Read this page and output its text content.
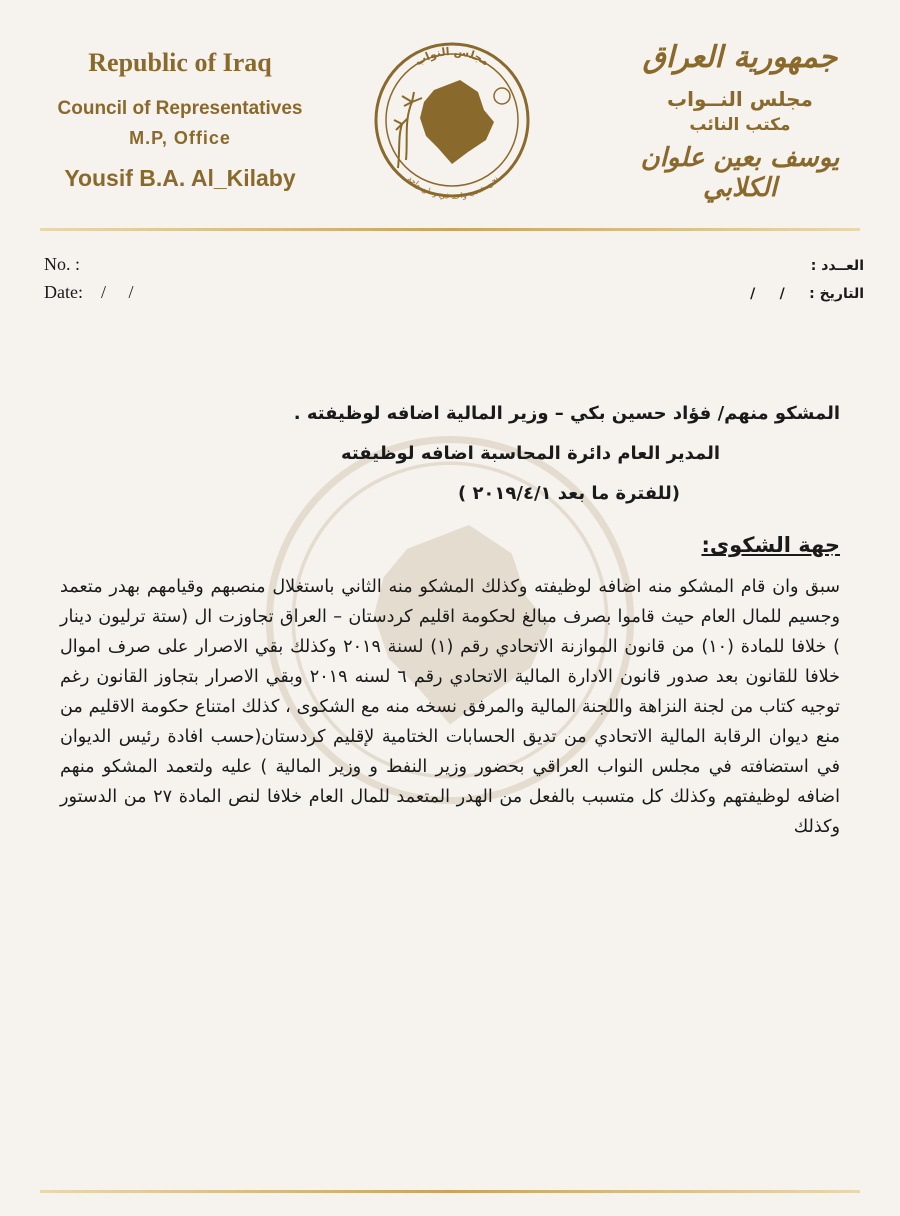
Republic of Iraq
Council of Representatives
M.P, Office
Yousif B.A. Al_Kilaby
مجلس النواب
نحن شعب واحد في وطن واحد
جمهورية العراق
مجلس النــواب
مكتب النائب
يوسف بعين علوان الكلابي
No. :
Date:    /     /
العــدد :
التاريخ :     /     /

المشكو منهم/ فؤاد حسين بكي – وزير المالية اضافه لوظيفته .

المدير العام دائرة المحاسبة اضافه لوظيفته

(للفترة ما بعد ٢٠١٩/٤/١ )

جهة الشكوى:

سبق وان قام المشكو منه اضافه لوظيفته وكذلك المشكو منه الثاني باستغلال منصبهم وقيامهم بهدر متعمد وجسيم للمال العام حيث قاموا بصرف مبالغ لحكومة اقليم كردستان – العراق تجاوزت ال (ستة ترليون دينار ) خلافا للمادة (١٠) من قانون الموازنة الاتحادي رقم (١) لسنة ٢٠١٩ وكذلك بقي الاصرار على صرف اموال خلافا للقانون بعد صدور قانون الادارة المالية الاتحادي رقم ٦ لسنه ٢٠١٩ وبقي الاصرار بتجاوز القانون رغم توجيه كتاب من لجنة النزاهة واللجنة المالية والمرفق نسخه منه مع الشكوى ، كذلك امتناع حكومة الاقليم من منع ديوان الرقابة المالية الاتحادي من تديق الحسابات الختامية لإقليم كردستان(حسب افادة رئيس الديوان في استضافته في مجلس النواب العراقي بحضور وزير النفط و وزير المالية ) عليه ولتعمد المشكو منهم اضافه لوظيفتهم وكذلك كل متسبب بالفعل من الهدر المتعمد للمال العام خلافا لنص المادة ٢٧ من الدستور وكذلك
